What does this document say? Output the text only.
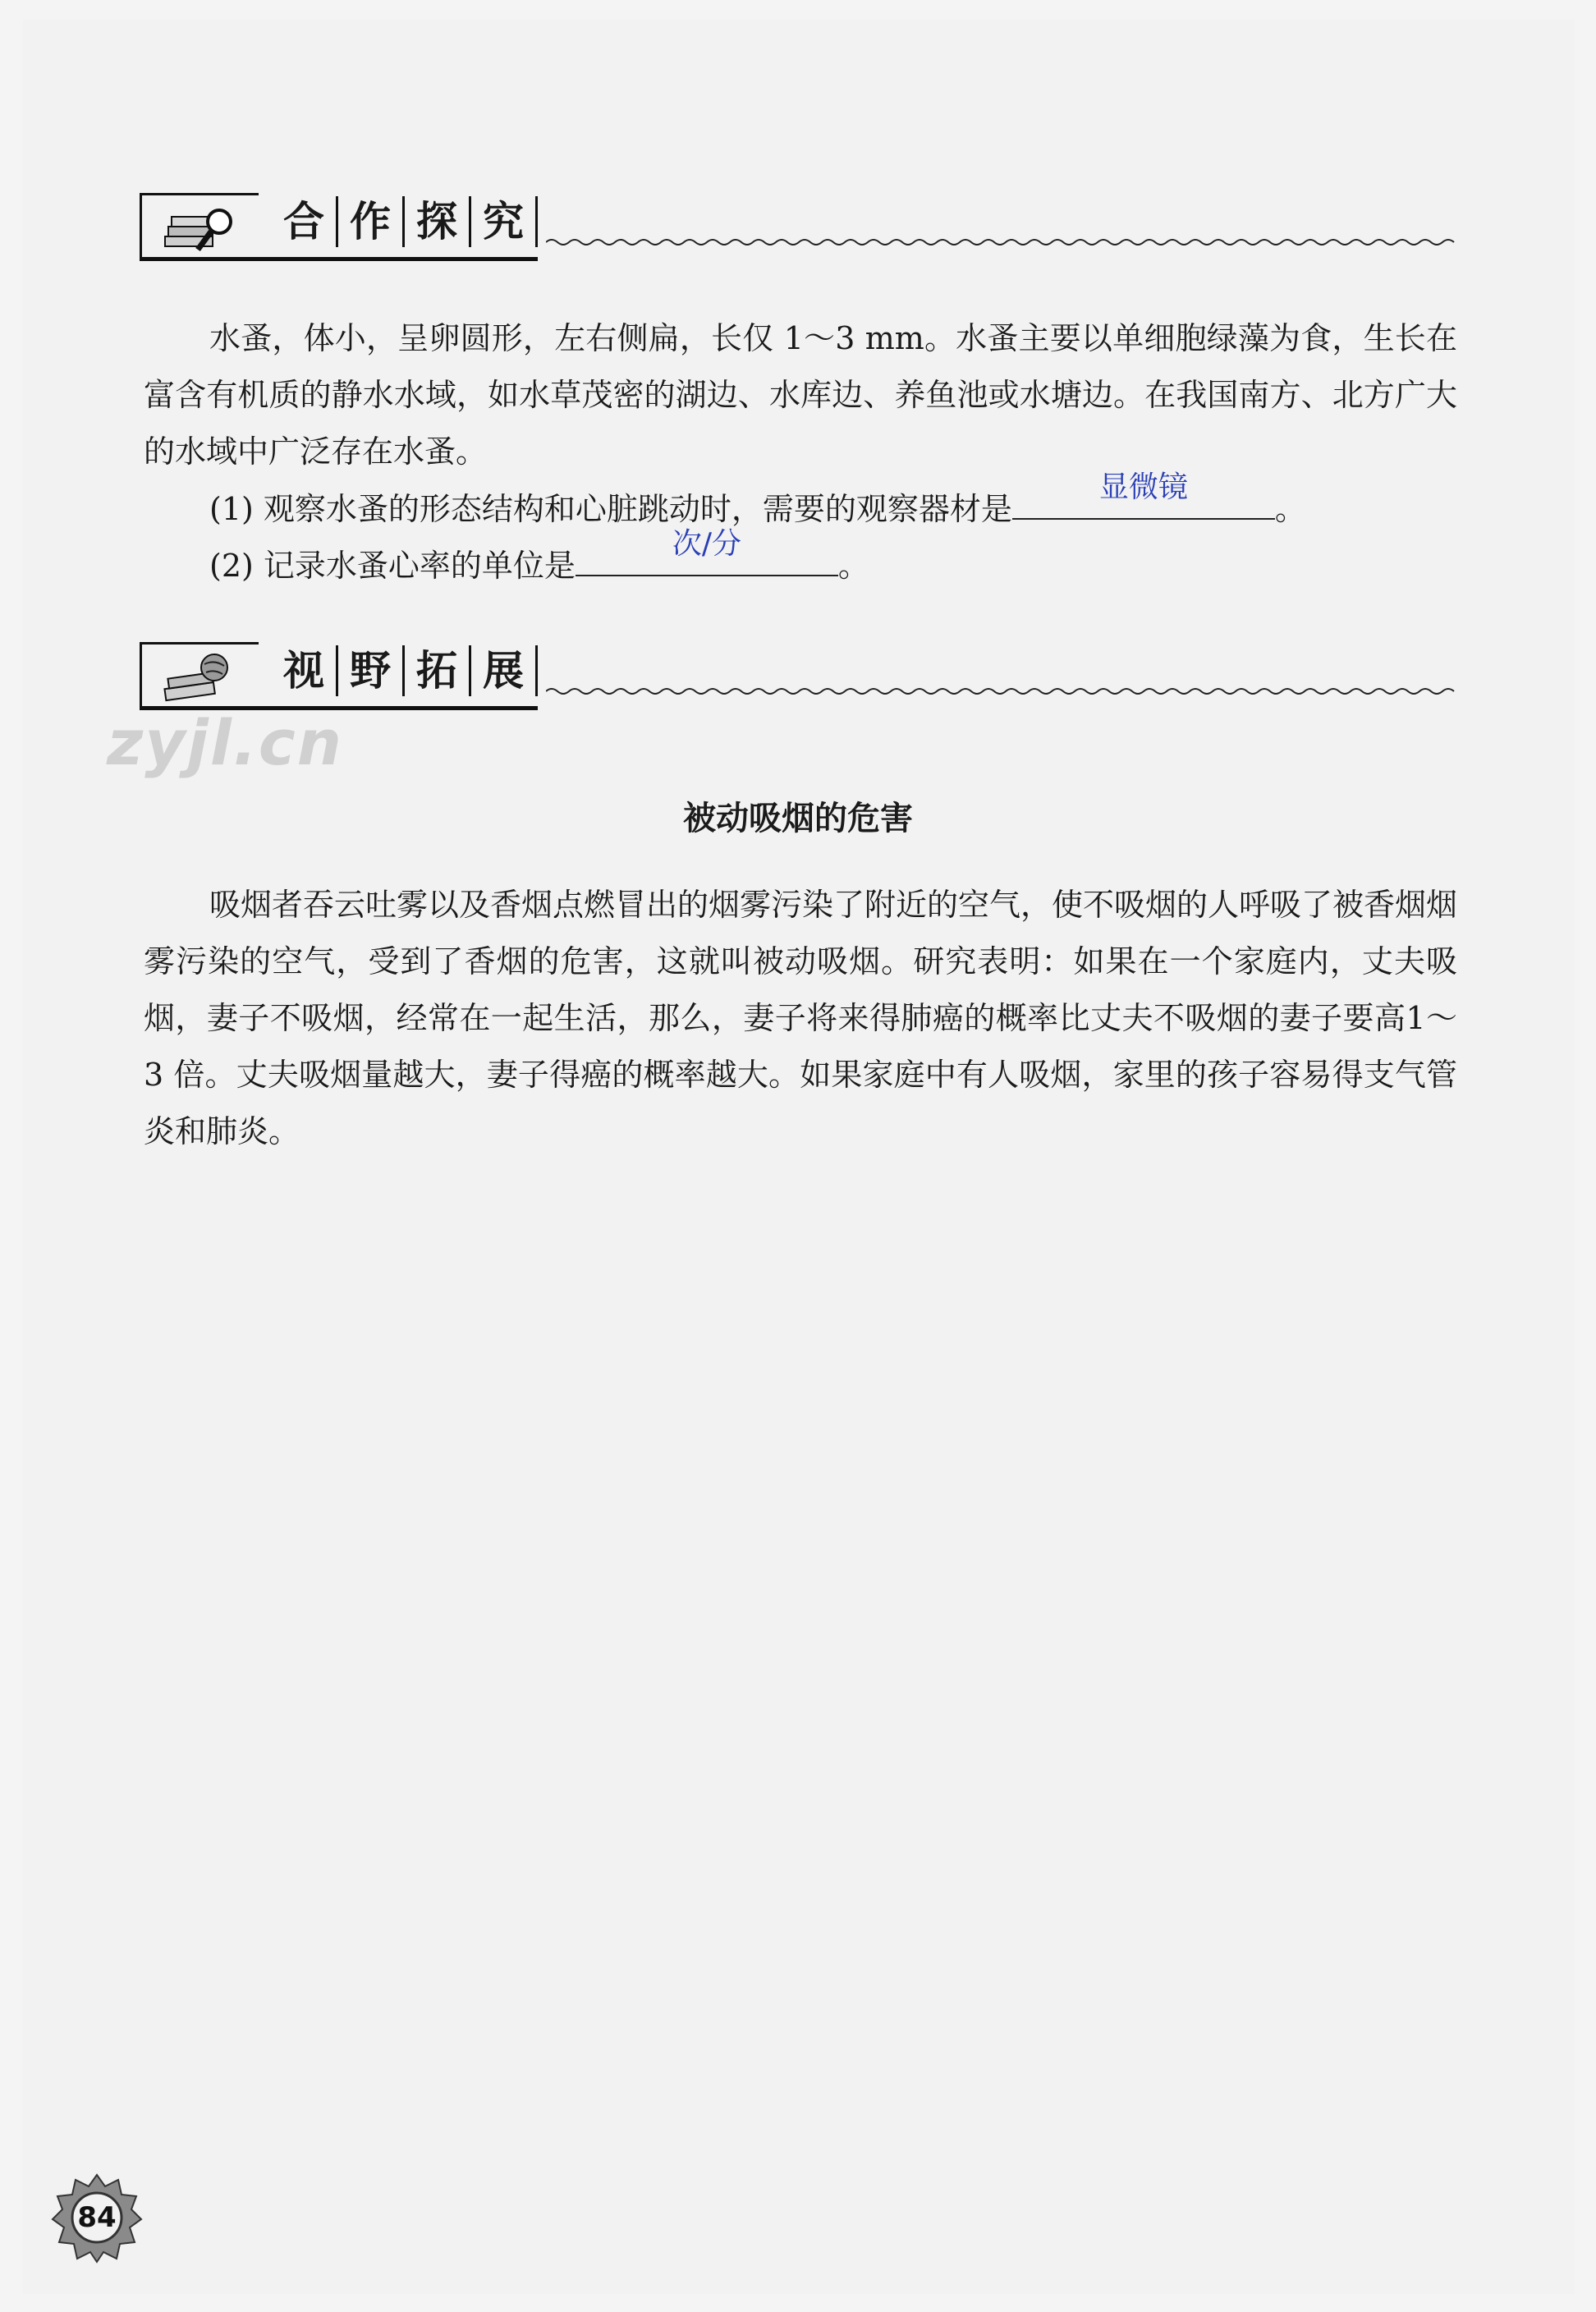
合 作 探 究
水蚤，体小，呈卵圆形，左右侧扁，长仅 1～3 mm。水蚤主要以单细胞绿藻为食，生长在富含有机质的静水水域，如水草茂密的湖边、水库边、养鱼池或水塘边。在我国南方、北方广大的水域中广泛存在水蚤。
(1) 观察水蚤的形态结构和心脏跳动时，需要的观察器材是
显微镜
。
(2) 记录水蚤心率的单位是
次/分
。
视 野 拓 展
zyjl.cn
被动吸烟的危害
吸烟者吞云吐雾以及香烟点燃冒出的烟雾污染了附近的空气，使不吸烟的人呼吸了被香烟烟雾污染的空气，受到了香烟的危害，这就叫被动吸烟。研究表明：如果在一个家庭内，丈夫吸烟，妻子不吸烟，经常在一起生活，那么，妻子将来得肺癌的概率比丈夫不吸烟的妻子要高1～3 倍。丈夫吸烟量越大，妻子得癌的概率越大。如果家庭中有人吸烟，家里的孩子容易得支气管炎和肺炎。
84
